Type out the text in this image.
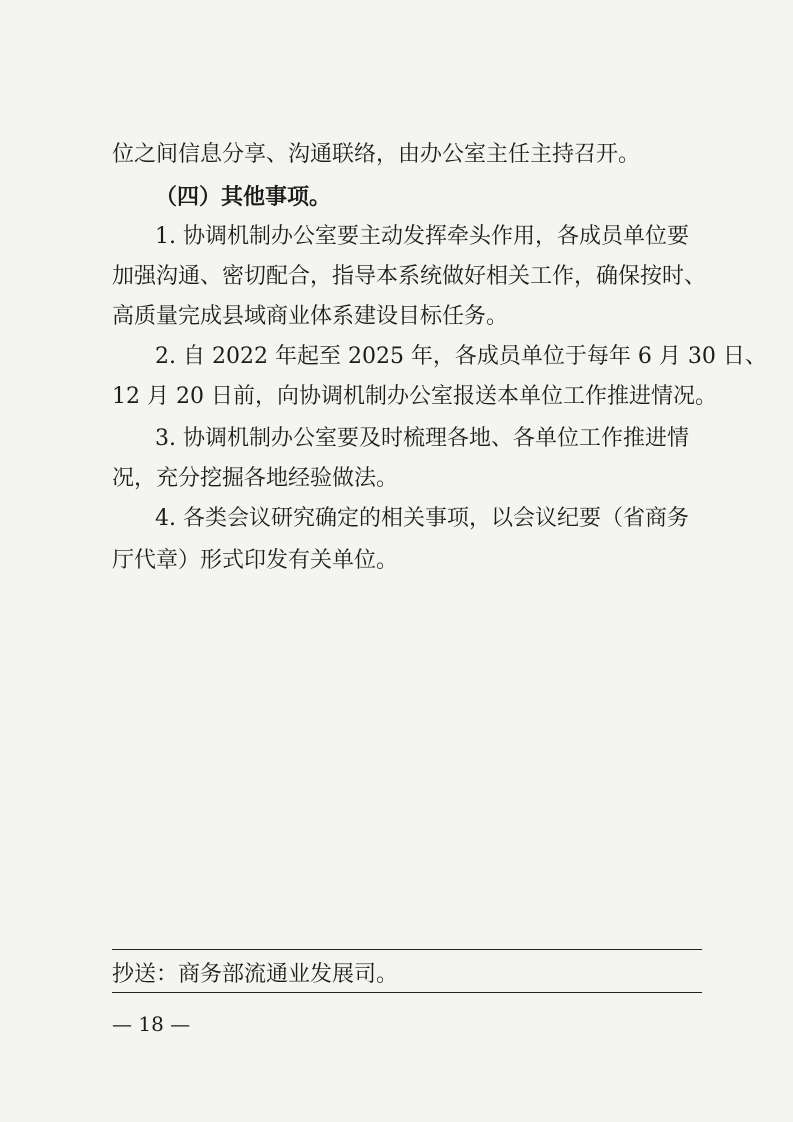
位之间信息分享、沟通联络，由办公室主任主持召开。
（四）其他事项。
1. 协调机制办公室要主动发挥牵头作用，各成员单位要
加强沟通、密切配合，指导本系统做好相关工作，确保按时、
高质量完成县域商业体系建设目标任务。
2. 自 2022 年起至 2025 年，各成员单位于每年 6 月 30 日、
12 月 20 日前，向协调机制办公室报送本单位工作推进情况。
3. 协调机制办公室要及时梳理各地、各单位工作推进情
况，充分挖掘各地经验做法。
4. 各类会议研究确定的相关事项，以会议纪要（省商务
厅代章）形式印发有关单位。
抄送：商务部流通业发展司。
— 18 —
